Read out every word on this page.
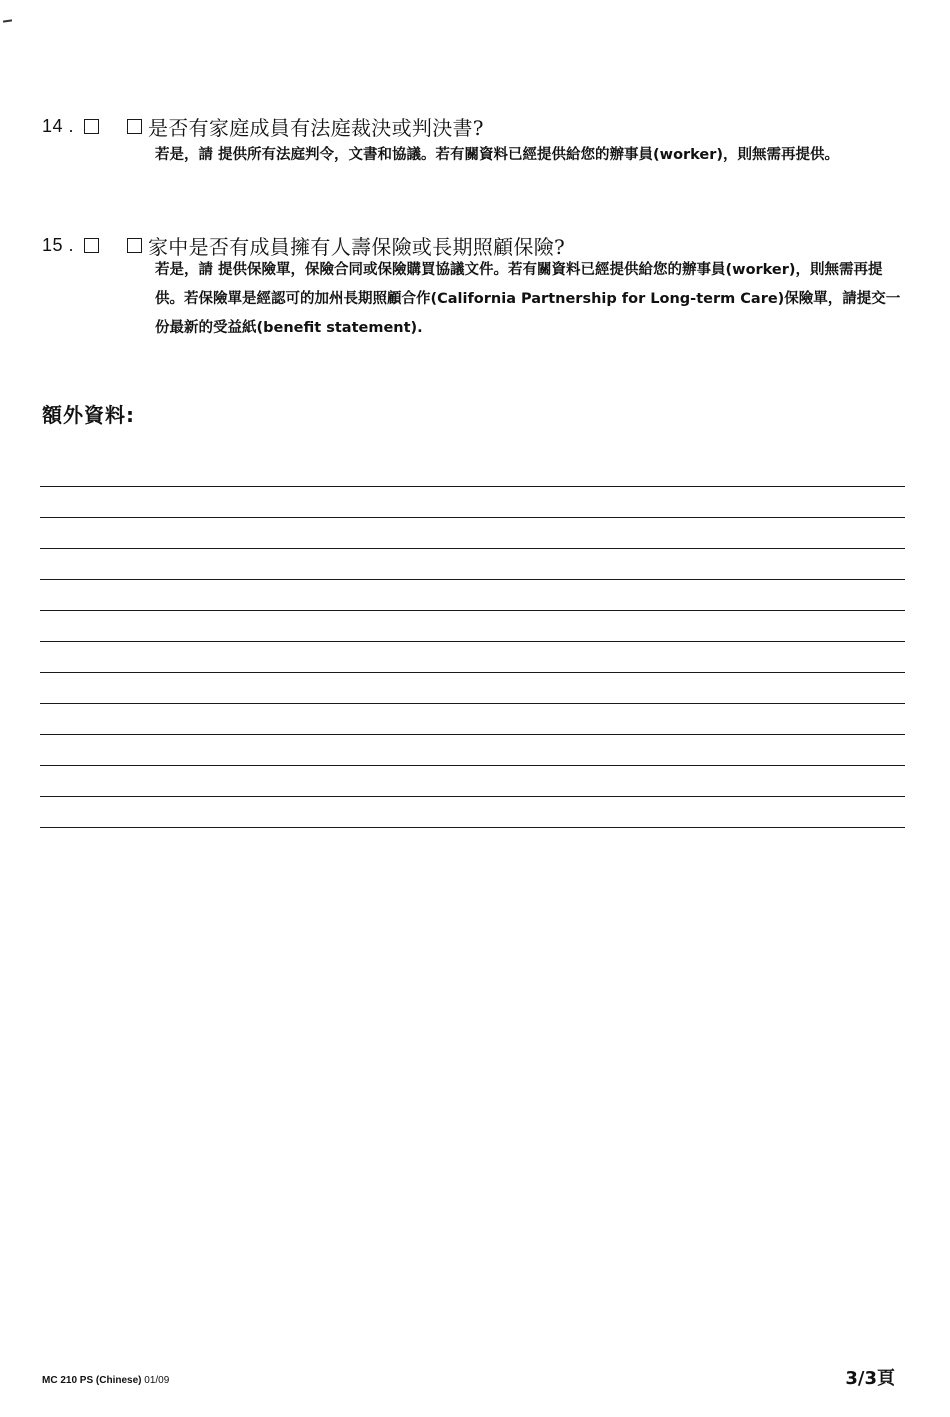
14 .	是否有家庭成員有法庭裁決或判決書?
若是，請 提供所有法庭判令，文書和協議。若有關資料已經提供給您的辦事員(worker)，則無需再提供。
15 .	家中是否有成員擁有人壽保險或長期照顧保險?
若是，請 提供保險單，保險合同或保險購買協議文件。若有關資料已經提供給您的辦事員(worker)，則無需再提供。若保險單是經認可的加州長期照顧合作(California Partnership for Long-term Care)保險單，請提交一份最新的受益紙(benefit statement).
額外資料:
MC 210 PS (Chinese) 01/09	3/3頁
